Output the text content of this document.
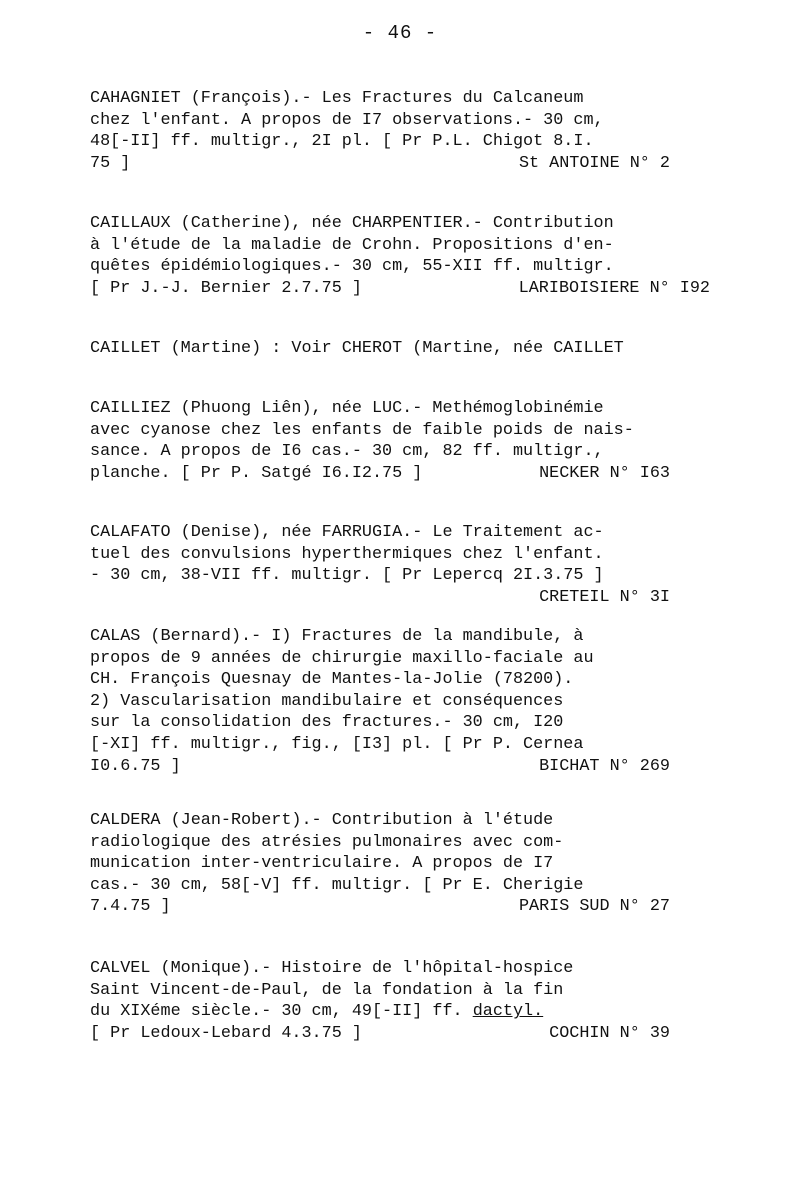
- 46 -
CAHAGNIET (François).- Les Fractures du Calcaneum
chez l'enfant. A propos de I7 observations.- 30 cm,
48[-II] ff. multigr., 2I pl. [ Pr P.L. Chigot 8.I.
75 ]	St ANTOINE N° 2
CAILLAUX (Catherine), née CHARPENTIER.- Contribution
à l'étude de la maladie de Crohn. Propositions d'en-
quêtes épidémiologiques.- 30 cm, 55-XII ff. multigr.
[ Pr J.-J. Bernier 2.7.75 ]	LARIBOISIERE N° I92
CAILLET (Martine) : Voir CHEROT (Martine, née CAILLET
CAILLIEZ (Phuong Liên), née LUC.- Methémoglobinémie
avec cyanose chez les enfants de faible poids de nais-
sance. A propos de I6 cas.- 30 cm, 82 ff. multigr.,
planche. [ Pr P. Satgé I6.I2.75 ]	NECKER N° I63
CALAFATO (Denise), née FARRUGIA.- Le Traitement ac-
tuel des convulsions hyperthermiques chez l'enfant.
- 30 cm, 38-VII ff. multigr. [ Pr Lepercq 2I.3.75 ]
CRETEIL N° 3I
CALAS (Bernard).- I) Fractures de la mandibule, à
propos de 9 années de chirurgie maxillo-faciale au
CH. François Quesnay de Mantes-la-Jolie (78200).
2) Vascularisation mandibulaire et conséquences
sur la consolidation des fractures.- 30 cm, I20
[-XI] ff. multigr., fig., [I3] pl. [ Pr P. Cernea
I0.6.75 ]	BICHAT N° 269
CALDERA (Jean-Robert).- Contribution à l'étude
radiologique des atrésies pulmonaires avec com-
munication inter-ventriculaire. A propos de I7
cas.- 30 cm, 58[-V] ff. multigr. [ Pr E. Cherigie
7.4.75 ]	PARIS SUD N° 27
CALVEL (Monique).- Histoire de l'hôpital-hospice
Saint Vincent-de-Paul, de la fondation à la fin
du XIXéme siècle.- 30 cm, 49[-II] ff. dactyl.
[ Pr Ledoux-Lebard 4.3.75 ]	COCHIN N° 39
